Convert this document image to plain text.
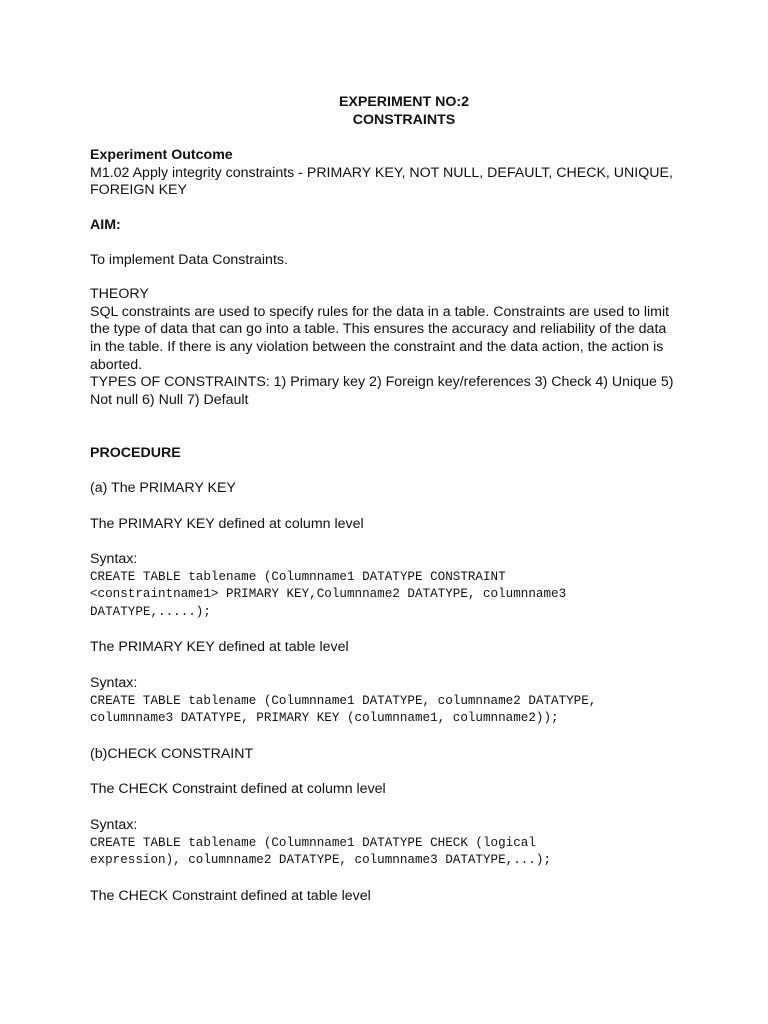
EXPERIMENT NO:2

CONSTRAINTS

Experiment Outcome

M1.02 Apply integrity constraints - PRIMARY KEY, NOT NULL, DEFAULT, CHECK, UNIQUE,

FOREIGN KEY

AIM:

To implement Data Constraints.

THEORY

SQL constraints are used to specify rules for the data in a table. Constraints are used to limit

the type of data that can go into a table. This ensures the accuracy and reliability of the data

in the table. If there is any violation between the constraint and the data action, the action is

aborted.

TYPES OF CONSTRAINTS: 1) Primary key 2) Foreign key/references 3) Check 4) Unique 5)

Not null 6) Null 7) Default

PROCEDURE

(a) The PRIMARY KEY

The PRIMARY KEY defined at column level

Syntax:

CREATE TABLE tablename (Columnname1 DATATYPE CONSTRAINT

<constraintname1> PRIMARY KEY,Columnname2 DATATYPE, columnname3

DATATYPE,.....);

The PRIMARY KEY defined at table level

Syntax:

CREATE TABLE tablename (Columnname1 DATATYPE, columnname2 DATATYPE,

columnname3 DATATYPE, PRIMARY KEY (columnname1, columnname2));

(b)CHECK CONSTRAINT

The CHECK Constraint defined at column level

Syntax:

CREATE TABLE tablename (Columnname1 DATATYPE CHECK (logical

expression), columnname2 DATATYPE, columnname3 DATATYPE,...);

The CHECK Constraint defined at table level
